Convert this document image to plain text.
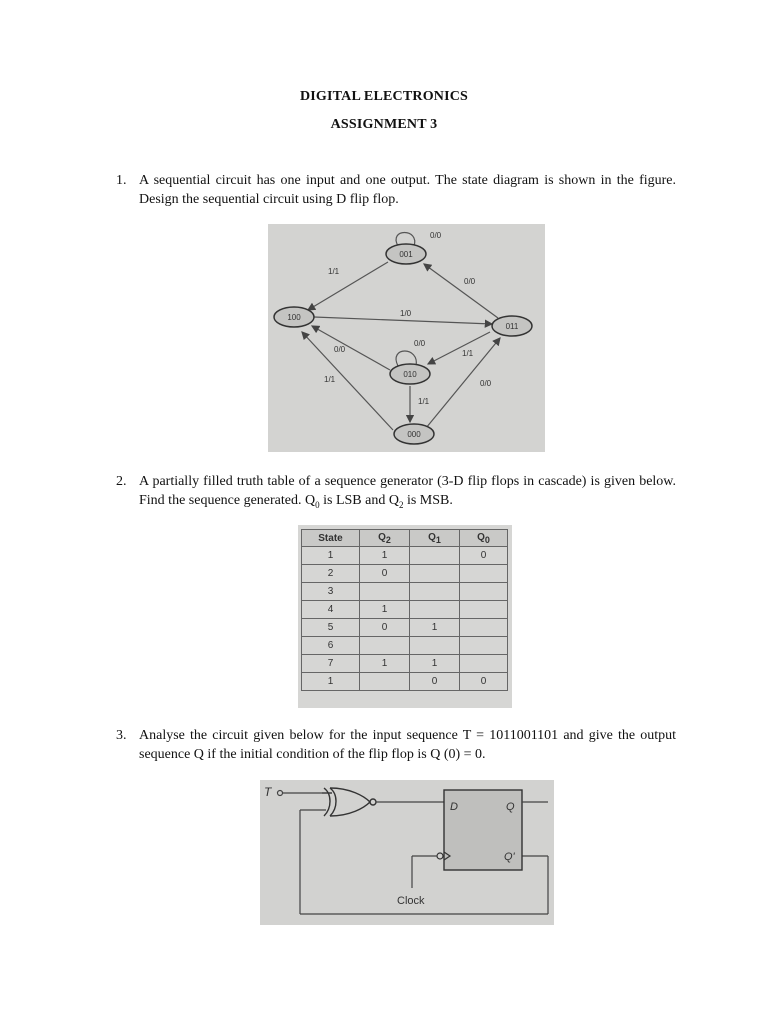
DIGITAL ELECTRONICS
ASSIGNMENT 3
1. A sequential circuit has one input and one output. The state diagram is shown in the figure. Design the sequential circuit using D flip flop.
001
100
011
010
000
0/0
1/1
0/0
1/0
0/0
0/0	1/1
1/1	0/0
1/1
2. A partially filled truth table of a sequence generator (3-D flip flops in cascade) is given below. Find the sequence generated. $Q_0$ is LSB and $Q_2$ is MSB.
State	$Q_2$	$Q_1$	$Q_0$
1	1		0
2	0		
3			
4	1		
5	0	1	
6			
7	1	1	
1		0	0
3. Analyse the circuit given below for the input sequence T = 1011001101 and give the output sequence Q if the initial condition of the flip flop is Q (0) = 0.
T
D	Q
Q'
Clock
